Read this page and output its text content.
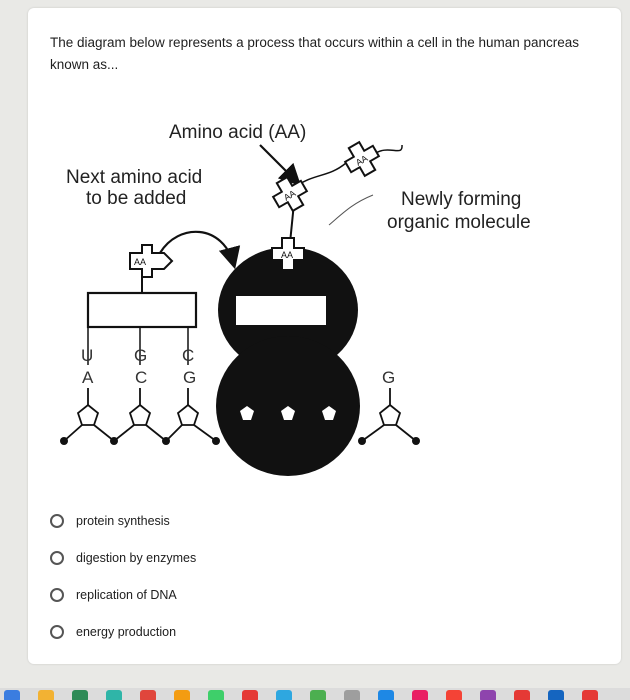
The diagram below represents a process that occurs within a cell in the human pancreas known as...
Amino acid (AA)
Next amino acid
to be added	Newly forming
organic molecule
AA
AA
AA
AA
U G C
A C G	G
protein synthesis
digestion by enzymes
replication of DNA
energy production
